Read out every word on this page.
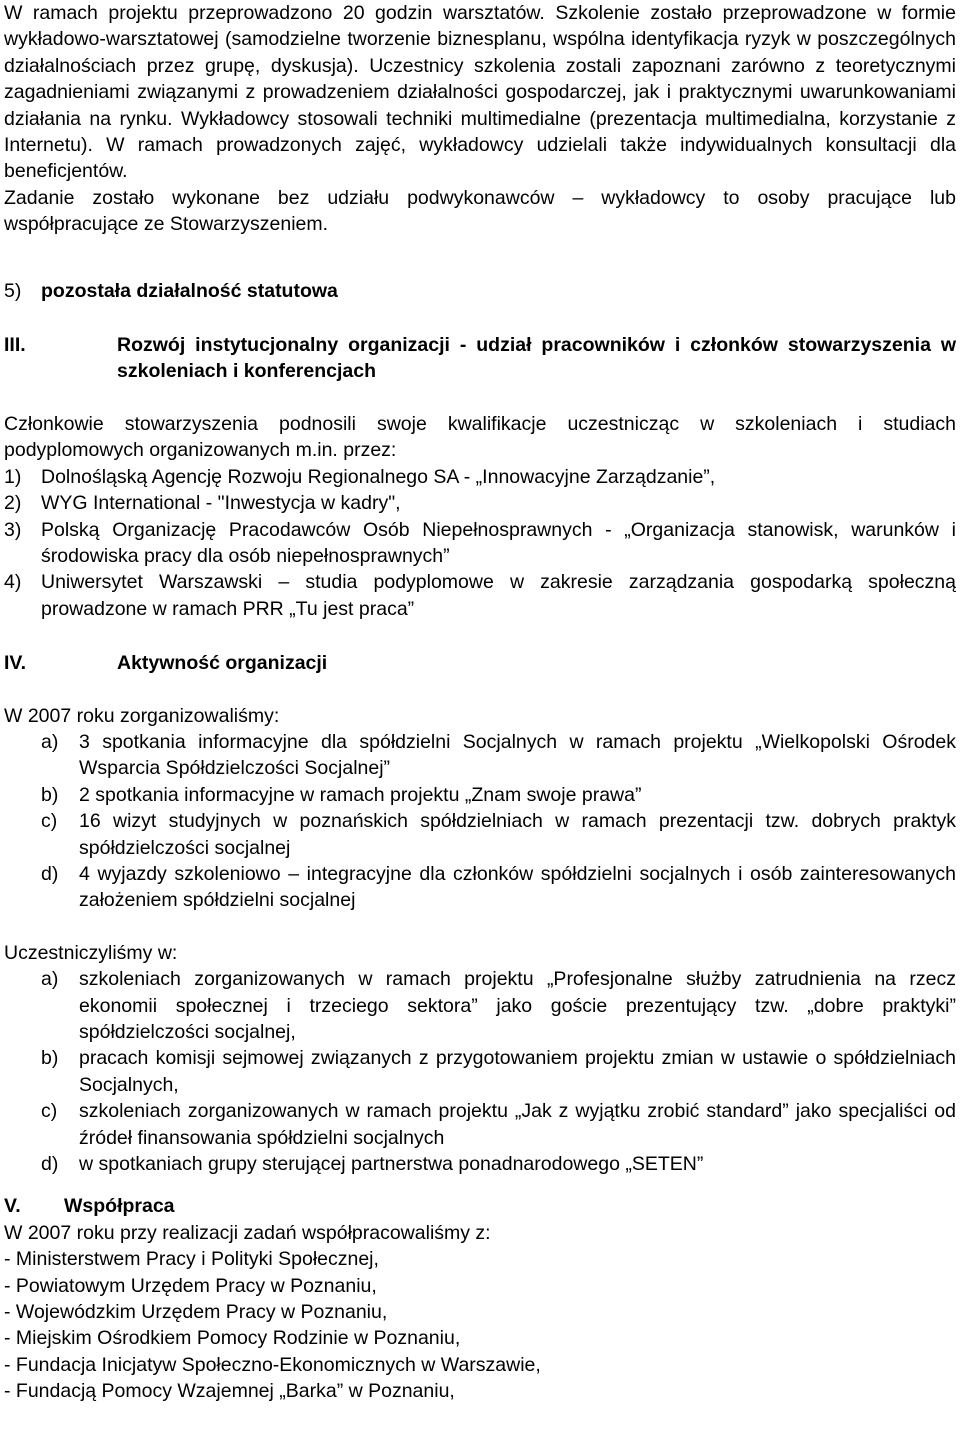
W ramach projektu przeprowadzono 20 godzin warsztatów. Szkolenie zostało przeprowadzone w formie wykładowo-warsztatowej (samodzielne tworzenie biznesplanu, wspólna identyfikacja ryzyk w poszczególnych działalnościach przez grupę, dyskusja). Uczestnicy szkolenia zostali zapoznani zarówno z teoretycznymi zagadnieniami związanymi z prowadzeniem działalności gospodarczej, jak i praktycznymi uwarunkowaniami działania na rynku. Wykładowcy stosowali techniki multimedialne (prezentacja multimedialna, korzystanie z Internetu). W ramach prowadzonych zajęć, wykładowcy udzielali także indywidualnych konsultacji dla beneficjentów.

Zadanie zostało wykonane bez udziału podwykonawców – wykładowcy to osoby pracujące lub współpracujące ze Stowarzyszeniem.

5)	pozostała działalność statutowa
III.	Rozwój instytucjonalny organizacji - udział pracowników i członków stowarzyszenia w szkoleniach i konferencjach

Członkowie stowarzyszenia podnosili swoje kwalifikacje uczestnicząc w szkoleniach i studiach podyplomowych organizowanych m.in. przez:

1)	Dolnośląską Agencję Rozwoju Regionalnego SA - „Innowacyjne Zarządzanie”,
2)	WYG International - "Inwestycja w kadry",
3)	Polską Organizację Pracodawców Osób Niepełnosprawnych - „Organizacja stanowisk, warunków i środowiska pracy dla osób niepełnosprawnych”
4)	Uniwersytet Warszawski – studia podyplomowe w zakresie zarządzania gospodarką społeczną prowadzone w ramach PRR „Tu jest praca”
IV.	Aktywność organizacji

W 2007 roku zorganizowaliśmy:

a)	3 spotkania informacyjne dla spółdzielni Socjalnych w ramach projektu „Wielkopolski Ośrodek Wsparcia Spółdzielczości Socjalnej”
b)	2 spotkania informacyjne w ramach projektu „Znam swoje prawa”
c)	16 wizyt studyjnych w poznańskich spółdzielniach w ramach prezentacji tzw. dobrych praktyk spółdzielczości socjalnej
d)	4 wyjazdy szkoleniowo – integracyjne dla członków spółdzielni socjalnych i osób zainteresowanych założeniem spółdzielni socjalnej

Uczestniczyliśmy w:

a)	szkoleniach zorganizowanych w ramach projektu „Profesjonalne służby zatrudnienia na rzecz ekonomii społecznej i trzeciego sektora” jako goście prezentujący tzw. „dobre praktyki” spółdzielczości socjalnej,
b)	pracach komisji sejmowej związanych z przygotowaniem projektu zmian w ustawie o spółdzielniach Socjalnych,
c)	szkoleniach zorganizowanych w ramach projektu „Jak z wyjątku zrobić standard” jako specjaliści od źródeł finansowania spółdzielni socjalnych
d)	w spotkaniach grupy sterującej partnerstwa ponadnarodowego „SETEN”
V.	Współpraca

W 2007 roku przy realizacji zadań współpracowaliśmy z:

- Ministerstwem Pracy i Polityki Społecznej,

- Powiatowym Urzędem Pracy w Poznaniu,

- Wojewódzkim Urzędem Pracy w Poznaniu,

- Miejskim Ośrodkiem Pomocy Rodzinie w Poznaniu,

- Fundacja Inicjatyw Społeczno-Ekonomicznych w Warszawie,

- Fundacją Pomocy Wzajemnej „Barka” w Poznaniu,
